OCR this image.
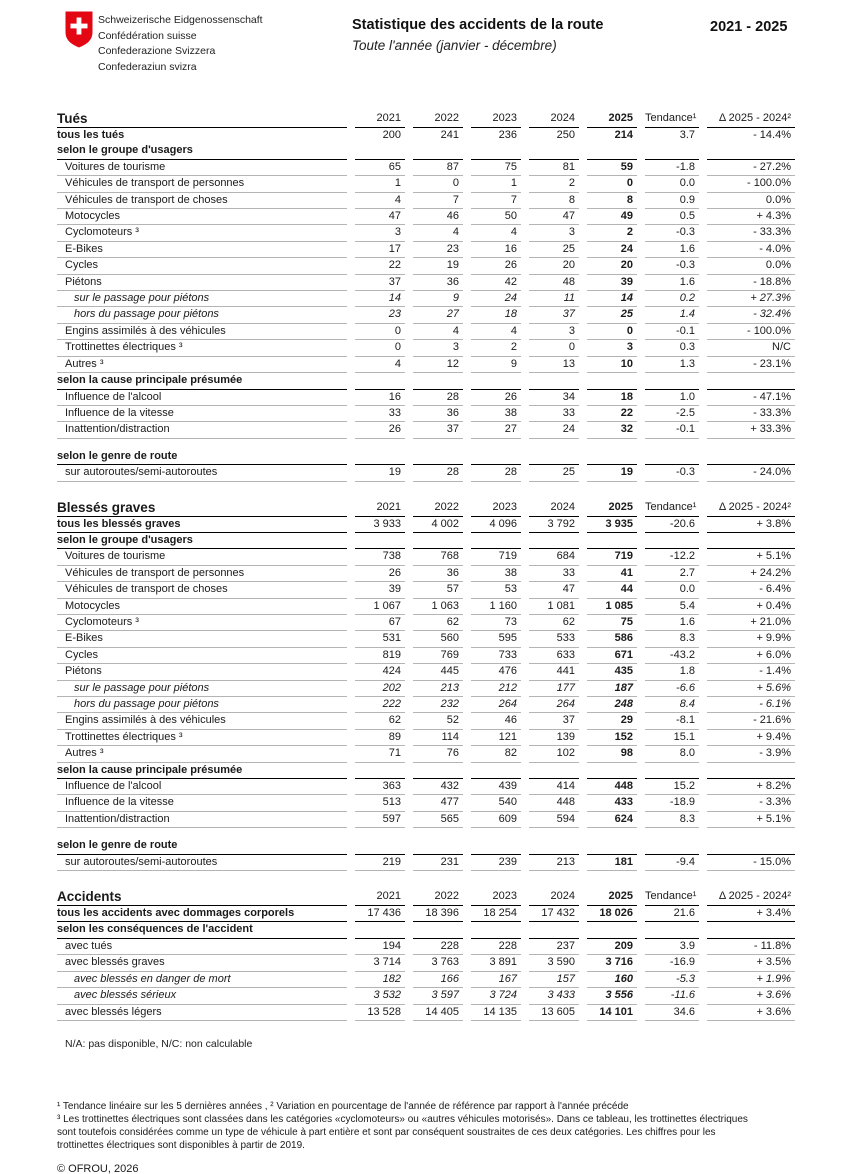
Schweizerische Eidgenossenschaft
Confédération suisse
Confederazione Svizzera
Confederaziun svizra
Statistique des accidents de la route
Toute l'année (janvier - décembre)
2021 - 2025
Tués	2021	2022	2023	2024	2025	Tendance¹	Δ 2025 - 2024²
tous les tués	200	241	236	250	214	3.7	- 14.4%
selon le groupe d'usagers
Voitures de tourisme	65	87	75	81	59	-1.8	- 27.2%
Véhicules de transport de personnes	1	0	1	2	0	0.0	- 100.0%
Véhicules de transport de choses	4	7	7	8	8	0.9	0.0%
Motocycles	47	46	50	47	49	0.5	+ 4.3%
Cyclomoteurs ³	3	4	4	3	2	-0.3	- 33.3%
E-Bikes	17	23	16	25	24	1.6	- 4.0%
Cycles	22	19	26	20	20	-0.3	0.0%
Piétons	37	36	42	48	39	1.6	- 18.8%
sur le passage pour piétons	14	9	24	11	14	0.2	+ 27.3%
hors du passage pour piétons	23	27	18	37	25	1.4	- 32.4%
Engins assimilés à des véhicules	0	4	4	3	0	-0.1	- 100.0%
Trottinettes électriques ³	0	3	2	0	3	0.3	N/C
Autres ³	4	12	9	13	10	1.3	- 23.1%
selon la cause principale présumée
Influence de l'alcool	16	28	26	34	18	1.0	- 47.1%
Influence de la vitesse	33	36	38	33	22	-2.5	- 33.3%
Inattention/distraction	26	37	27	24	32	-0.1	+ 33.3%
selon le genre de route
sur autoroutes/semi-autoroutes	19	28	28	25	19	-0.3	- 24.0%
Blessés graves	2021	2022	2023	2024	2025	Tendance¹	Δ 2025 - 2024²
tous les blessés graves	3 933	4 002	4 096	3 792	3 935	-20.6	+ 3.8%
selon le groupe d'usagers
Voitures de tourisme	738	768	719	684	719	-12.2	+ 5.1%
Véhicules de transport de personnes	26	36	38	33	41	2.7	+ 24.2%
Véhicules de transport de choses	39	57	53	47	44	0.0	- 6.4%
Motocycles	1 067	1 063	1 160	1 081	1 085	5.4	+ 0.4%
Cyclomoteurs ³	67	62	73	62	75	1.6	+ 21.0%
E-Bikes	531	560	595	533	586	8.3	+ 9.9%
Cycles	819	769	733	633	671	-43.2	+ 6.0%
Piétons	424	445	476	441	435	1.8	- 1.4%
sur le passage pour piétons	202	213	212	177	187	-6.6	+ 5.6%
hors du passage pour piétons	222	232	264	264	248	8.4	- 6.1%
Engins assimilés à des véhicules	62	52	46	37	29	-8.1	- 21.6%
Trottinettes électriques ³	89	114	121	139	152	15.1	+ 9.4%
Autres ³	71	76	82	102	98	8.0	- 3.9%
selon la cause principale présumée
Influence de l'alcool	363	432	439	414	448	15.2	+ 8.2%
Influence de la vitesse	513	477	540	448	433	-18.9	- 3.3%
Inattention/distraction	597	565	609	594	624	8.3	+ 5.1%
selon le genre de route
sur autoroutes/semi-autoroutes	219	231	239	213	181	-9.4	- 15.0%
Accidents	2021	2022	2023	2024	2025	Tendance¹	Δ 2025 - 2024²
tous les accidents avec dommages corporels	17 436	18 396	18 254	17 432	18 026	21.6	+ 3.4%
selon les conséquences de l'accident
avec tués	194	228	228	237	209	3.9	- 11.8%
avec blessés graves	3 714	3 763	3 891	3 590	3 716	-16.9	+ 3.5%
avec blessés en danger de mort	182	166	167	157	160	-5.3	+ 1.9%
avec blessés sérieux	3 532	3 597	3 724	3 433	3 556	-11.6	+ 3.6%
avec blessés légers	13 528	14 405	14 135	13 605	14 101	34.6	+ 3.6%
N/A: pas disponible, N/C: non calculable

¹ Tendance linéaire sur les 5 dernières années , ² Variation en pourcentage de l'année de référence par rapport à l'année précéde

³ Les trottinettes électriques sont classées dans les catégories «cyclomoteurs» ou «autres véhicules motorisés». Dans ce tableau, les trottinettes électriques sont toutefois considérées comme un type de véhicule à part entière et sont par conséquent soustraites de ces deux catégories. Les chiffres pour les trottinettes électriques sont disponibles à partir de 2019.

© OFROU, 2026
